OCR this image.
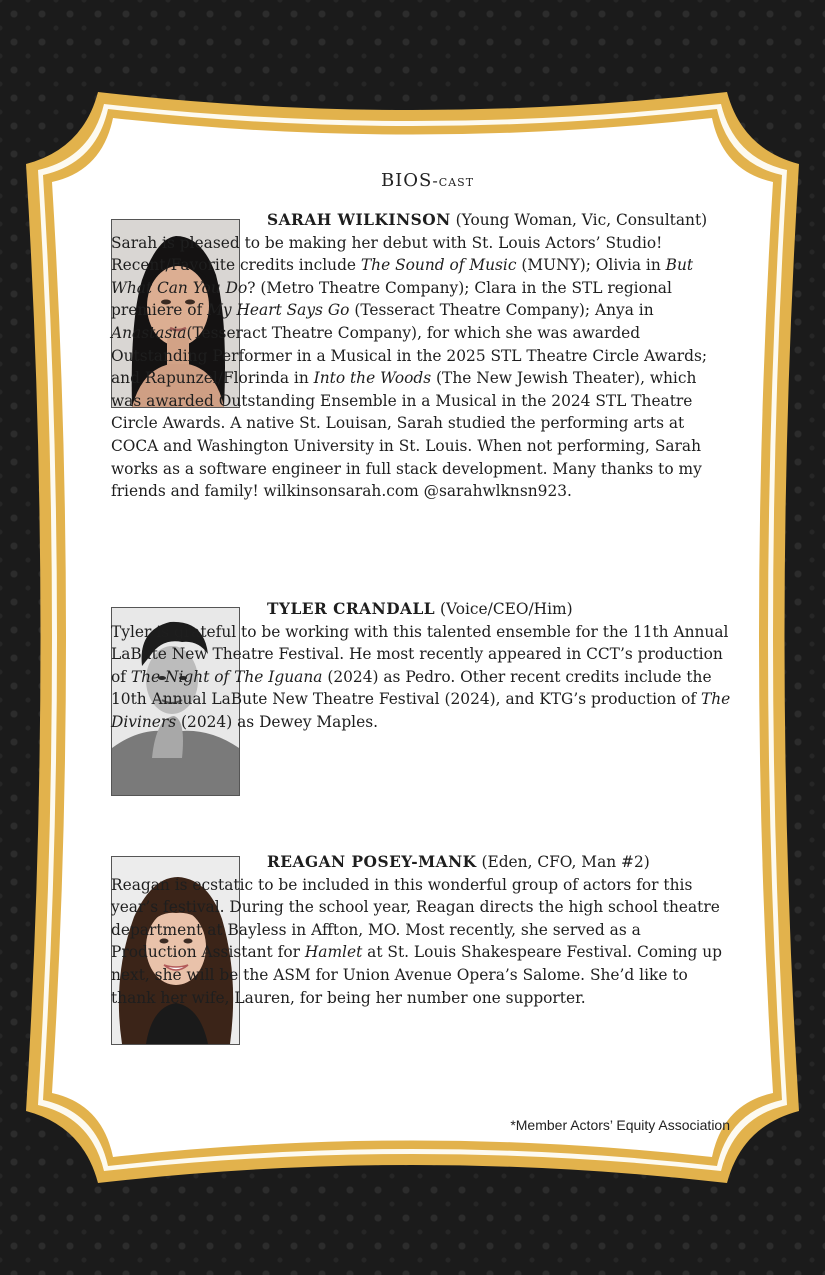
BIOS-cast
SARAH WILKINSON (Young Woman, Vic, Consultant)
Sarah is pleased to be making her debut with St. Louis Actors’ Studio! Recent/Favorite credits include The Sound of Music (MUNY); Olivia in But What Can You Do? (Metro Theatre Company); Clara in the STL regional premiere of My Heart Says Go (Tesseract Theatre Company); Anya in Anastasia(Tesseract Theatre Company), for which she was awarded Outstanding Performer in a Musical in the 2025 STL Theatre Circle Awards; and Rapunzel/Florinda in Into the Woods (The New Jewish Theater), which was awarded Outstanding Ensemble in a Musical in the 2024 STL Theatre Circle Awards. A native St. Louisan, Sarah studied the performing arts at COCA and Washington University in St. Louis. When not performing, Sarah works as a software engineer in full stack development. Many thanks to my friends and family! wilkinsonsarah.com @sarahwlknsn923.
TYLER CRANDALL (Voice/CEO/Him)
Tyler is grateful to be working with this talented ensemble for the 11th Annual LaBute New Theatre Festival. He most recently appeared in CCT’s production of The Night of The Iguana (2024) as Pedro. Other recent credits include the 10th Annual LaBute New Theatre Festival (2024), and KTG’s production of The Diviners (2024) as Dewey Maples.
REAGAN POSEY-MANK (Eden, CFO, Man #2)
Reagan is ecstatic to be included in this wonderful group of actors for this year’s festival. During the school year, Reagan directs the high school theatre department at Bayless in Affton, MO. Most recently, she served as a Production Assistant for Hamlet at St. Louis Shakespeare Festival. Coming up next, she will be the ASM for Union Avenue Opera’s Salome. She’d like to thank her wife, Lauren, for being her number one supporter.
*Member Actors’ Equity Association
